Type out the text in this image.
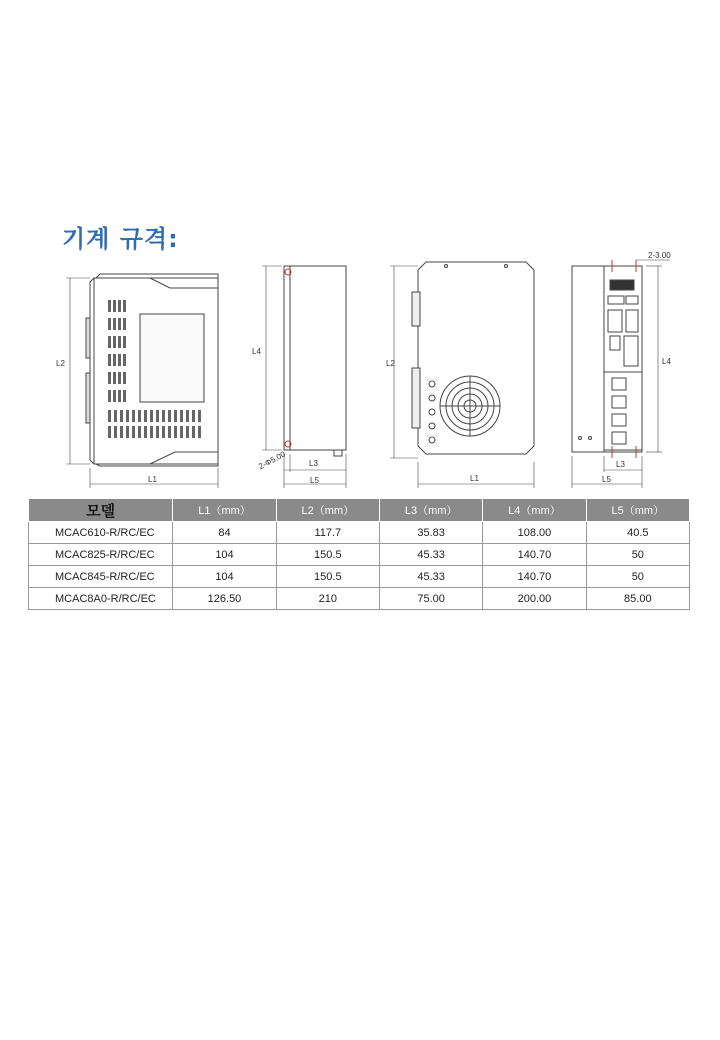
기계 규격:
L2
L1
L4
L3
L5
2-Φ5.00
L2
L1
2-3.00
L4
L3
L5
모델	L1（mm）	L2（mm）	L3（mm）	L4（mm）	L5（mm）
MCAC610-R/RC/EC	84	117.7	35.83	108.00	40.5
MCAC825-R/RC/EC	104	150.5	45.33	140.70	50
MCAC845-R/RC/EC	104	150.5	45.33	140.70	50
MCAC8A0-R/RC/EC	126.50	210	75.00	200.00	85.00
